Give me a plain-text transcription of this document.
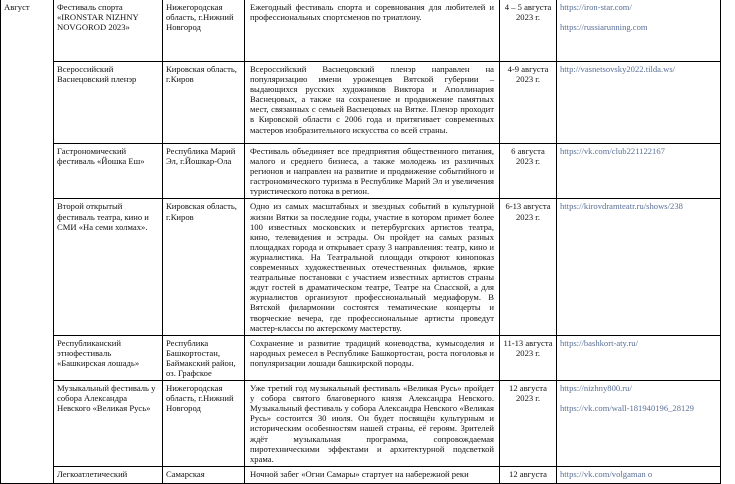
Август	Фестиваль спорта «IRONSTAR NIZHNY NOVGOROD 2023»	Нижегородская область, г.Нижний Новгород	Ежегодный фестиваль спорта и соревнования для любителей и профессиональных спортсменов по триатлону.	4 – 5 августа 2023 г.	https://iron-star.com/
https://russiarunning.com

	Всероссийский Васнецовский пленэр	Кировская область, г.Киров	Всероссийский Васнецовский пленэр направлен на популяризацию имени уроженцев Вятской губернии – выдающихся русских художников Виктора и Аполлинария Васнецовых, а также на сохранение и продвижение памятных мест, связанных с семьей Васнецовых на Вятке. Пленэр проходит в Кировской области с 2006 года и притягивает современных мастеров изобразительного искусства со всей страны.	4-9 августа 2023 г.	http://vasnetsovsky2022.tilda.ws/

	Гастрономический фестиваль «Йошка Еш»	Республика Марий Эл, г.Йошкар-Ола	Фестиваль объединяет все предприятия общественного питания, малого и среднего бизнеса, а также молодежь из различных регионов и направлен на развитие и продвижение событийного и гастрономического туризма в Республике Марий Эл и увеличения туристического потока в регион.	6 августа 2023 г.	https://vk.com/club221122167

	Второй открытый фестиваль театра, кино и СМИ «На семи холмах».	Кировская область, г.Киров	Одно из самых масштабных и звездных событий в культурной жизни Вятки за последние годы, участие в котором примет более 100 известных московских и петербургских артистов театра, кино, телевидения и эстрады. Он пройдет на самых разных площадках города и открывает сразу 3 направления: театр, кино и журналистика. На Театральной площади откроют кинопоказ современных художественных отечественных фильмов, яркие театральные постановки с участием известных артистов страны ждут гостей в драматическом театре, Театре на Спасской, а для журналистов организуют профессиональный медиафорум. В Вятской филармонии состоятся тематические концерты и творческие вечера, где профессиональные артисты проведут мастер-классы по актерскому мастерству.	6-13 августа 2023 г.	https://kirovdramteatr.ru/shows/238

	Республиканский этнофестиваль «Башкирская лошадь»	Республика Башкортостан, Баймакский район, оз. Графское	Сохранение и развитие традиций коневодства, кумысоделия и народных ремесел в Республике Башкортостан, роста поголовья и популяризации лошади башкирской породы.	11-13 августа 2023 г.	https://bashkort-aty.ru/

	Музыкальный фестиваль у собора Александра Невского «Великая Русь»	Нижегородская область, г.Нижний Новгород	Уже третий год музыкальный фестиваль «Великая Русь» пройдет у собора святого благоверного князя Александра Невского. Музыкальный фестиваль у собора Александра Невского «Великая Русь» состоится 30 июля. Он будет посвящён культурным и историческим особенностям нашей страны, её героям. Зрителей ждёт музыкальная программа, сопровождаемая пиротехническими эффектами и архитектурной подсветкой храма.	12 августа 2023 г.	https://nizhny800.ru/
https://vk.com/wall-181940196_28129

	Легкоатлетический	Самарская	Ночной забег «Огни Самары» стартует на набережной реки	12 августа	https://vk.com/volgaman o
